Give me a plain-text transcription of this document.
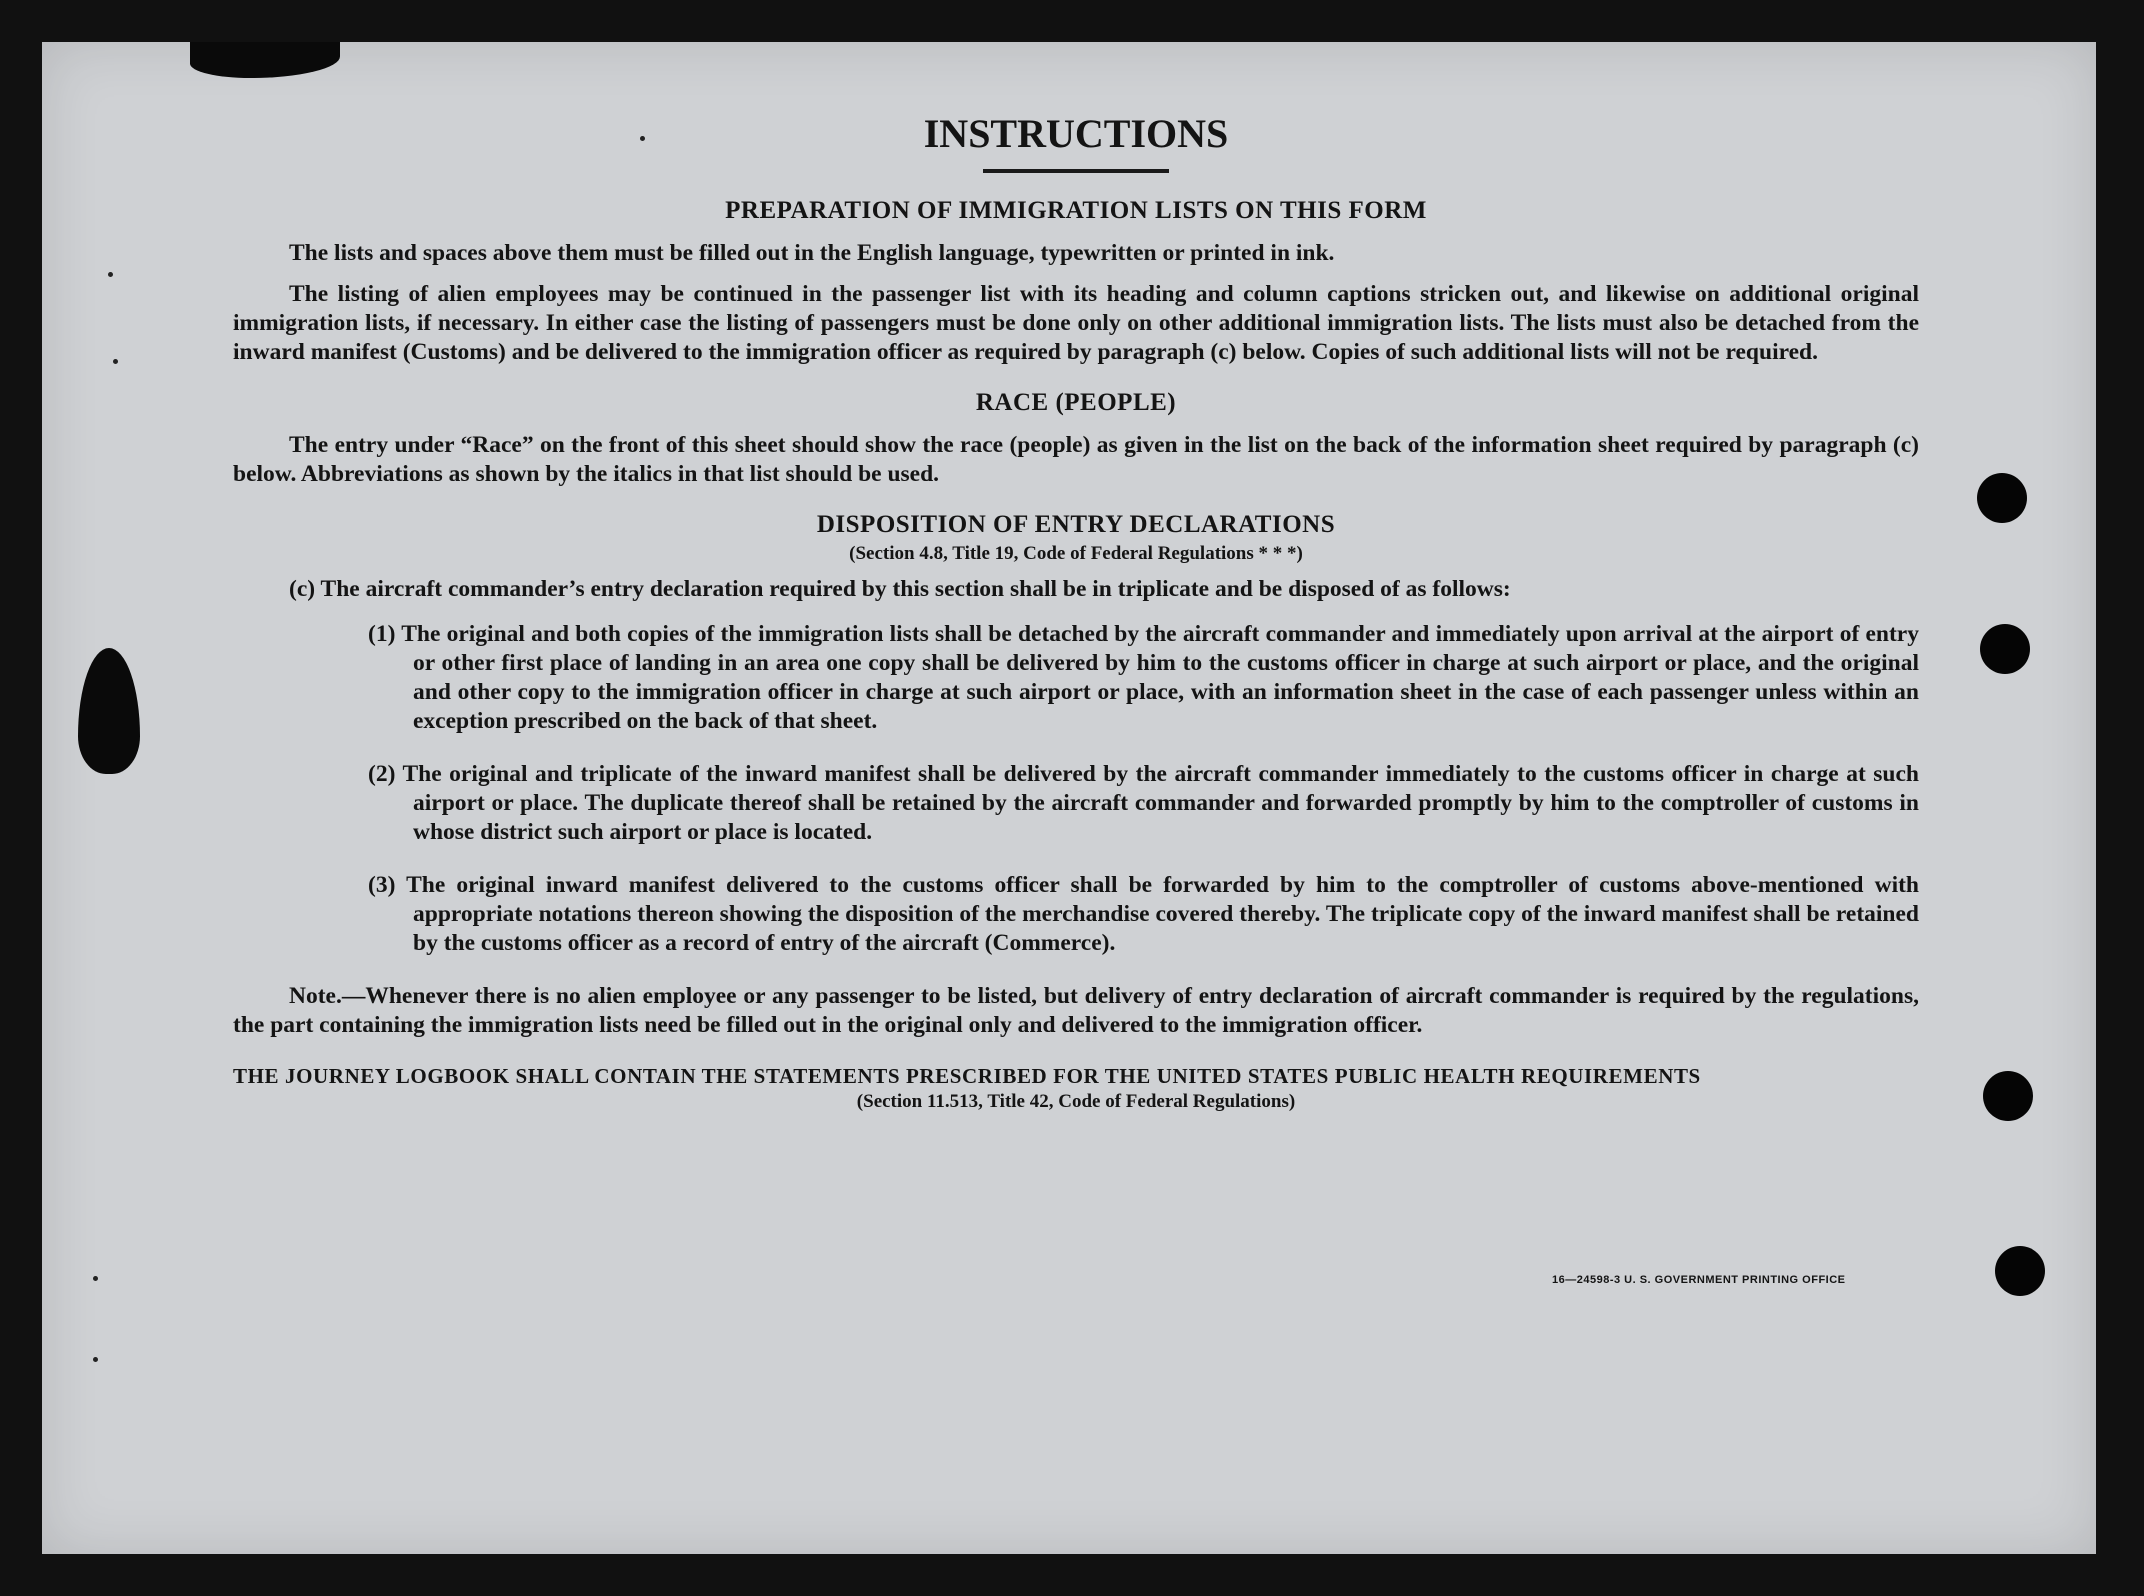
INSTRUCTIONS
PREPARATION OF IMMIGRATION LISTS ON THIS FORM

The lists and spaces above them must be filled out in the English language, typewritten or printed in ink.

The listing of alien employees may be continued in the passenger list with its heading and column captions stricken out, and likewise on additional original immigration lists, if necessary. In either case the listing of passengers must be done only on other additional immigration lists. The lists must also be detached from the inward manifest (Customs) and be delivered to the immigration officer as required by paragraph (c) below. Copies of such additional lists will not be required.

RACE (PEOPLE)

The entry under “Race” on the front of this sheet should show the race (people) as given in the list on the back of the information sheet required by paragraph (c) below. Abbreviations as shown by the italics in that list should be used.

DISPOSITION OF ENTRY DECLARATIONS
(Section 4.8, Title 19, Code of Federal Regulations * * *)

(c) The aircraft commander’s entry declaration required by this section shall be in triplicate and be disposed of as follows:

(1) The original and both copies of the immigration lists shall be detached by the aircraft commander and immediately upon arrival at the airport of entry or other first place of landing in an area one copy shall be delivered by him to the customs officer in charge at such airport or place, and the original and other copy to the immigration officer in charge at such airport or place, with an information sheet in the case of each passenger unless within an exception prescribed on the back of that sheet.
(2) The original and triplicate of the inward manifest shall be delivered by the aircraft commander immediately to the customs officer in charge at such airport or place. The duplicate thereof shall be retained by the aircraft commander and forwarded promptly by him to the comptroller of customs in whose district such airport or place is located.
(3) The original inward manifest delivered to the customs officer shall be forwarded by him to the comptroller of customs above-mentioned with appropriate notations thereon showing the disposition of the merchandise covered thereby. The triplicate copy of the inward manifest shall be retained by the customs officer as a record of entry of the aircraft (Commerce).

Note.—Whenever there is no alien employee or any passenger to be listed, but delivery of entry declaration of aircraft commander is required by the regulations, the part containing the immigration lists need be filled out in the original only and delivered to the immigration officer.

THE JOURNEY LOGBOOK SHALL CONTAIN THE STATEMENTS PRESCRIBED FOR THE UNITED STATES PUBLIC HEALTH REQUIREMENTS
(Section 11.513, Title 42, Code of Federal Regulations)
16—24598-3 U. S. GOVERNMENT PRINTING OFFICE
